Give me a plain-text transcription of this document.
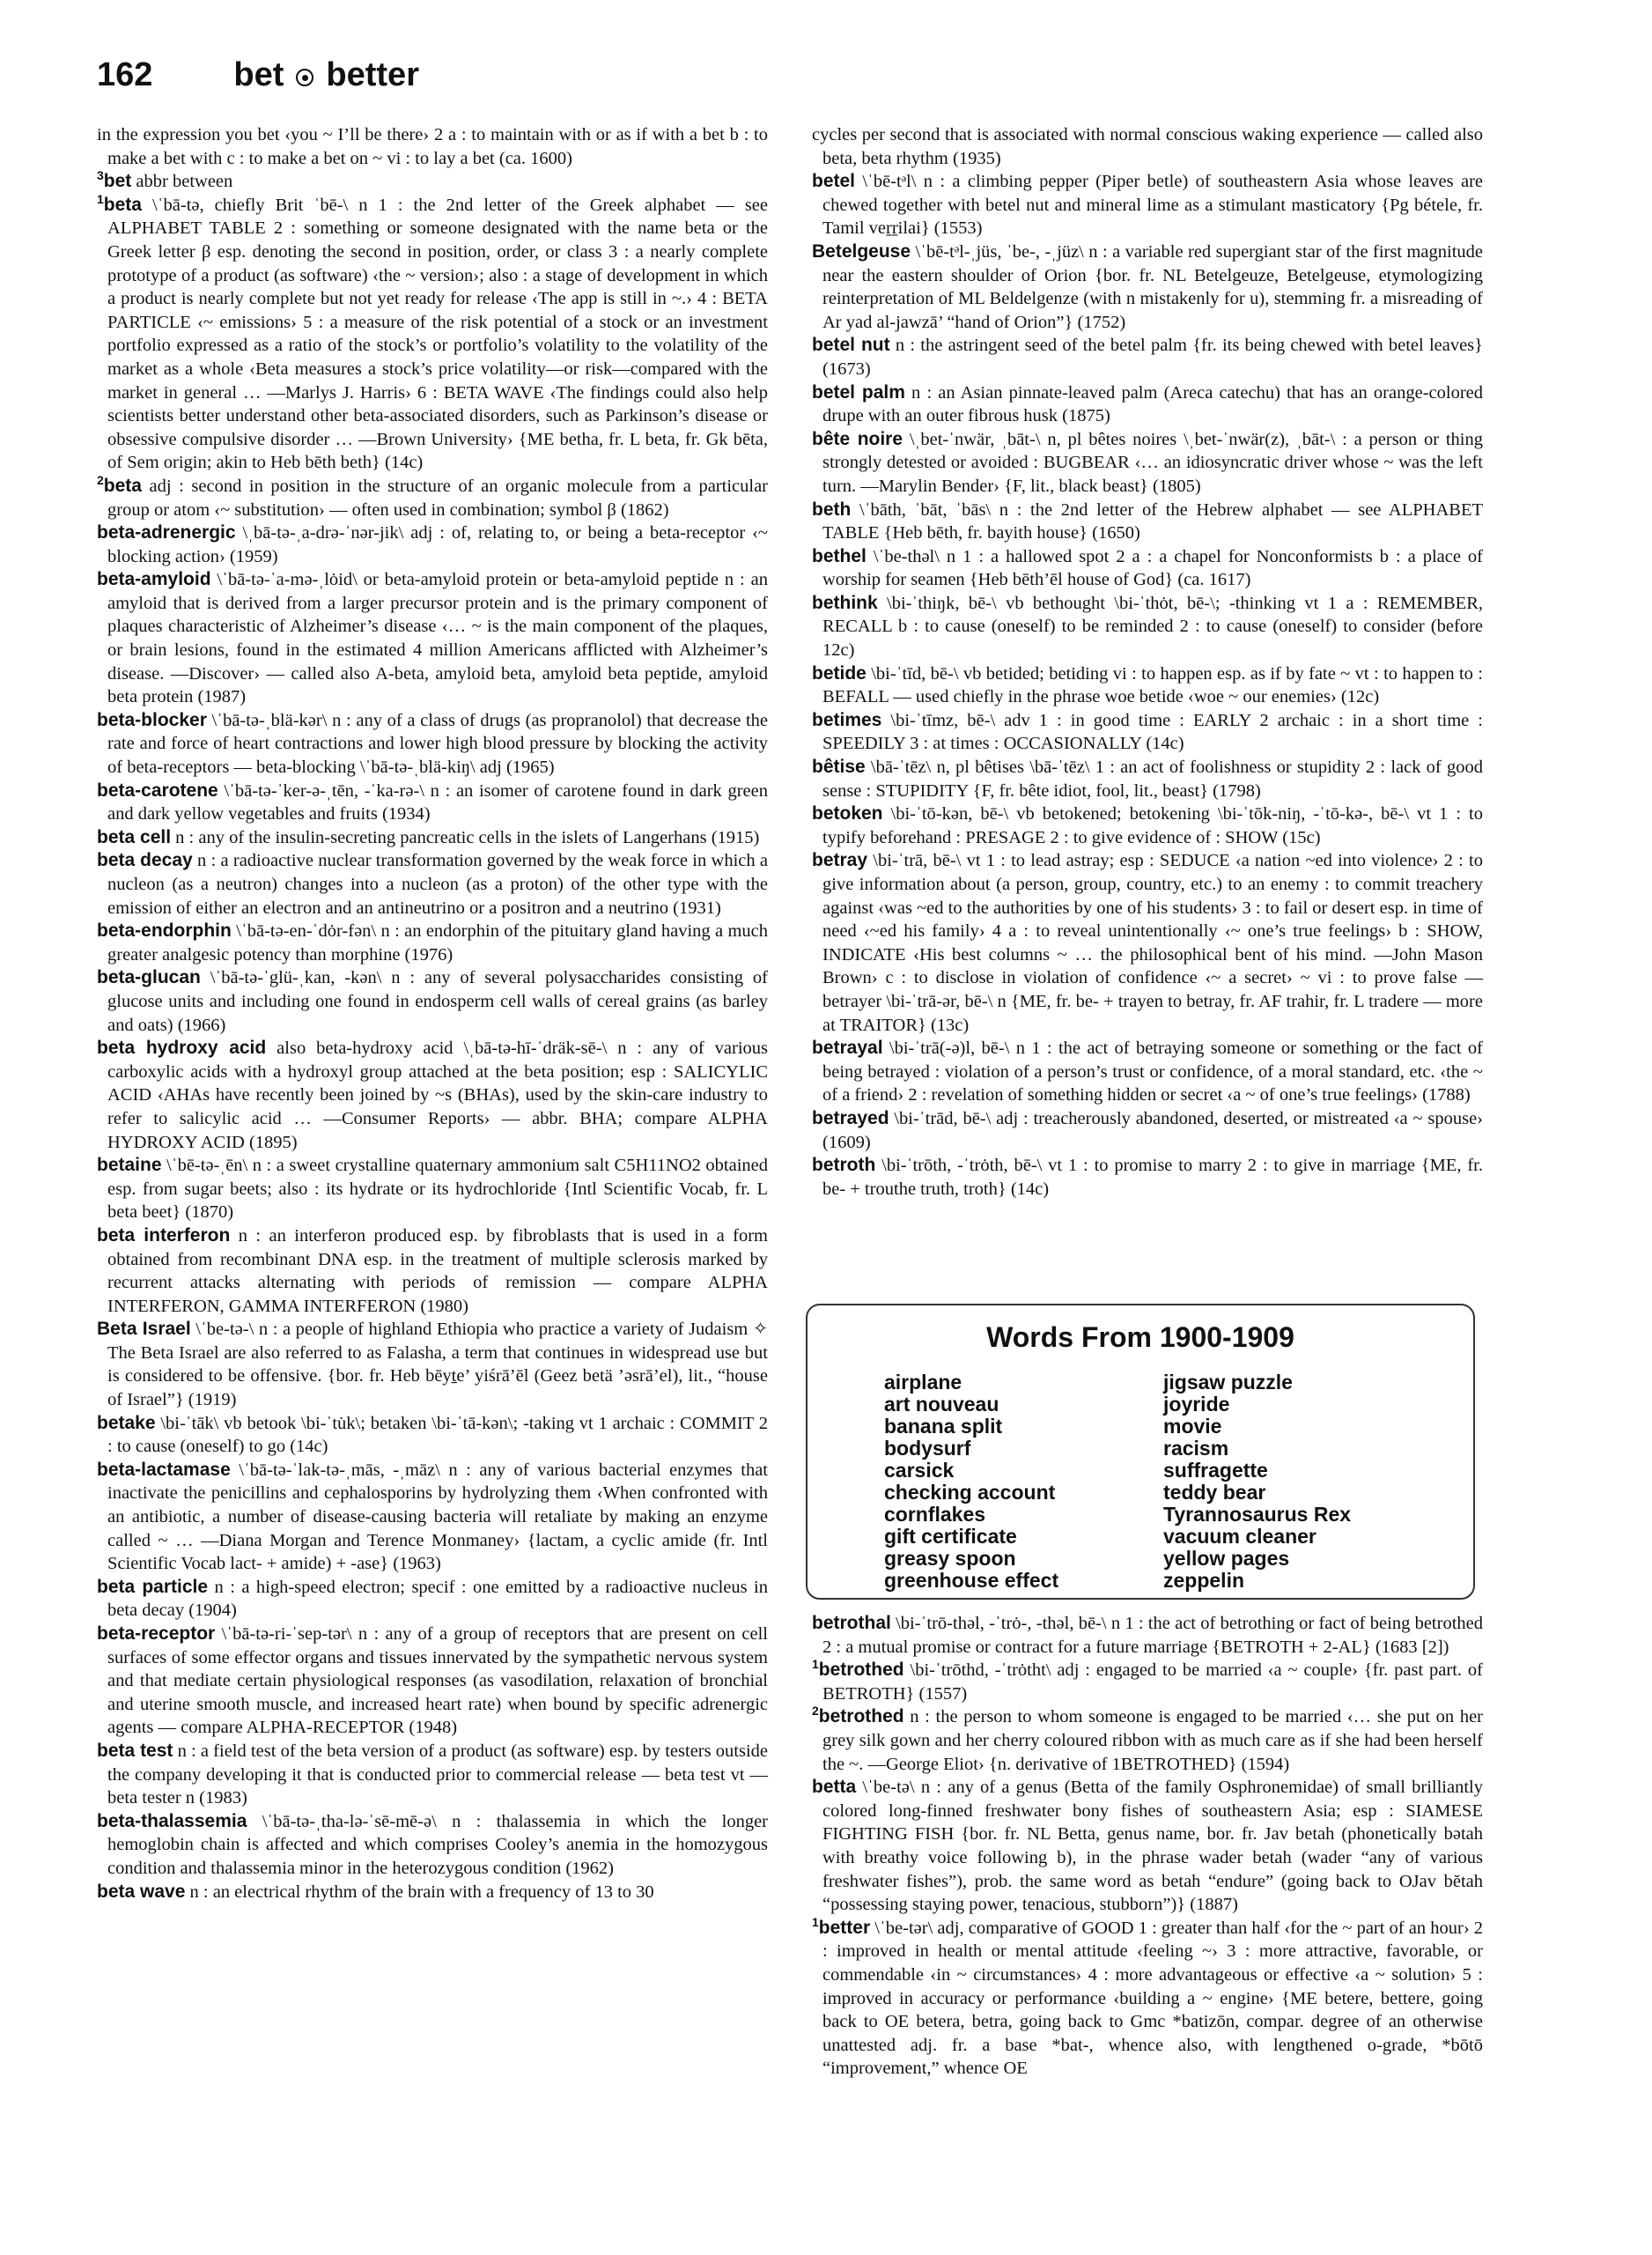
162 bet better

in the expression you bet ‹you ~ I’ll be there› 2 a : to maintain with or as if with a bet b : to make a bet with c : to make a bet on ~ vi : to lay a bet (ca. 1600)

$^3$bet abbr between

$^1$beta \ˈbā-tə, chiefly Brit ˈbē-\ n 1 : the 2nd letter of the Greek alphabet — see ALPHABET TABLE 2 : something or someone designated with the name beta or the Greek letter β esp. denoting the second in position, order, or class 3 : a nearly complete prototype of a product (as software) ‹the ~ version›; also : a stage of development in which a product is nearly complete but not yet ready for release ‹The app is still in ~.› 4 : BETA PARTICLE ‹~ emissions› 5 : a measure of the risk potential of a stock or an investment portfolio expressed as a ratio of the stock’s or portfolio’s volatility to the volatility of the market as a whole ‹Beta measures a stock’s price volatility—or risk—compared with the market in general … —Marlys J. Harris› 6 : BETA WAVE ‹The findings could also help scientists better understand other beta-associated disorders, such as Parkinson’s disease or obsessive compulsive disorder … —Brown University› {ME betha, fr. L beta, fr. Gk bēta, of Sem origin; akin to Heb bēth beth} (14c)

$^2$beta adj : second in position in the structure of an organic molecule from a particular group or atom ‹~ substitution› — often used in combination; symbol β (1862)

beta-adrenergic \ˌbā-tə-ˌa-drə-ˈnər-jik\ adj : of, relating to, or being a beta-receptor ‹~ blocking action› (1959)

beta-amyloid \ˈbā-tə-ˈa-mə-ˌlȯid\ or beta-amyloid protein or beta-amyloid peptide n : an amyloid that is derived from a larger precursor protein and is the primary component of plaques characteristic of Alzheimer’s disease ‹… ~ is the main component of the plaques, or brain lesions, found in the estimated 4 million Americans afflicted with Alzheimer’s disease. —Discover› — called also A-beta, amyloid beta, amyloid beta peptide, amyloid beta protein (1987)

beta-blocker \ˈbā-tə-ˌblä-kər\ n : any of a class of drugs (as propranolol) that decrease the rate and force of heart contractions and lower high blood pressure by blocking the activity of beta-receptors — beta-blocking \ˈbā-tə-ˌblä-kiŋ\ adj (1965)

beta-carotene \ˈbā-tə-ˈker-ə-ˌtēn, -ˈka-rə-\ n : an isomer of carotene found in dark green and dark yellow vegetables and fruits (1934)

beta cell n : any of the insulin-secreting pancreatic cells in the islets of Langerhans (1915)

beta decay n : a radioactive nuclear transformation governed by the weak force in which a nucleon (as a neutron) changes into a nucleon (as a proton) of the other type with the emission of either an electron and an antineutrino or a positron and a neutrino (1931)

beta-endorphin \ˈbā-tə-en-ˈdȯr-fən\ n : an endorphin of the pituitary gland having a much greater analgesic potency than morphine (1976)

beta-glucan \ˈbā-tə-ˈglü-ˌkan, -kən\ n : any of several polysaccharides consisting of glucose units and including one found in endosperm cell walls of cereal grains (as barley and oats) (1966)

beta hydroxy acid also beta-hydroxy acid \ˌbā-tə-hī-ˈdräk-sē-\ n : any of various carboxylic acids with a hydroxyl group attached at the beta position; esp : SALICYLIC ACID ‹AHAs have recently been joined by ~s (BHAs), used by the skin-care industry to refer to salicylic acid … —Consumer Reports› — abbr. BHA; compare ALPHA HYDROXY ACID (1895)

betaine \ˈbē-tə-ˌēn\ n : a sweet crystalline quaternary ammonium salt C5H11NO2 obtained esp. from sugar beets; also : its hydrate or its hydrochloride {Intl Scientific Vocab, fr. L beta beet} (1870)

beta interferon n : an interferon produced esp. by fibroblasts that is used in a form obtained from recombinant DNA esp. in the treatment of multiple sclerosis marked by recurrent attacks alternating with periods of remission — compare ALPHA INTERFERON, GAMMA INTERFERON (1980)

Beta Israel \ˈbe-tə-\ n : a people of highland Ethiopia who practice a variety of Judaism ✧ The Beta Israel are also referred to as Falasha, a term that continues in widespread use but is considered to be offensive. {bor. fr. Heb bēyṯe’ yiśrā’ēl (Geez betä ’əsrā’el), lit., “house of Israel”} (1919)

betake \bi-ˈtāk\ vb betook \bi-ˈtu̇k\; betaken \bi-ˈtā-kən\; -taking vt 1 archaic : COMMIT 2 : to cause (oneself) to go (14c)

beta-lactamase \ˈbā-tə-ˈlak-tə-ˌmās, -ˌmāz\ n : any of various bacterial enzymes that inactivate the penicillins and cephalosporins by hydrolyzing them ‹When confronted with an antibiotic, a number of disease-causing bacteria will retaliate by making an enzyme called ~ … —Diana Morgan and Terence Monmaney› {lactam, a cyclic amide (fr. Intl Scientific Vocab lact- + amide) + -ase} (1963)

beta particle n : a high-speed electron; specif : one emitted by a radioactive nucleus in beta decay (1904)

beta-receptor \ˈbā-tə-ri-ˈsep-tər\ n : any of a group of receptors that are present on cell surfaces of some effector organs and tissues innervated by the sympathetic nervous system and that mediate certain physiological responses (as vasodilation, relaxation of bronchial and uterine smooth muscle, and increased heart rate) when bound by specific adrenergic agents — compare ALPHA-RECEPTOR (1948)

beta test n : a field test of the beta version of a product (as software) esp. by testers outside the company developing it that is conducted prior to commercial release — beta test vt — beta tester n (1983)

beta-thalassemia \ˈbā-tə-ˌtha-lə-ˈsē-mē-ə\ n : thalassemia in which the longer hemoglobin chain is affected and which comprises Cooley’s anemia in the homozygous condition and thalassemia minor in the heterozygous condition (1962)

beta wave n : an electrical rhythm of the brain with a frequency of 13 to 30

cycles per second that is associated with normal conscious waking experience — called also beta, beta rhythm (1935)

betel \ˈbē-tᵊl\ n : a climbing pepper (Piper betle) of southeastern Asia whose leaves are chewed together with betel nut and mineral lime as a stimulant masticatory {Pg bétele, fr. Tamil veṟṟilai} (1553)

Betelgeuse \ˈbē-tᵊl-ˌjüs, ˈbe-, -ˌjüz\ n : a variable red supergiant star of the first magnitude near the eastern shoulder of Orion {bor. fr. NL Betelgeuze, Betelgeuse, etymologizing reinterpretation of ML Beldelgenze (with n mistakenly for u), stemming fr. a misreading of Ar yad al-jawzā’ “hand of Orion”} (1752)

betel nut n : the astringent seed of the betel palm {fr. its being chewed with betel leaves} (1673)

betel palm n : an Asian pinnate-leaved palm (Areca catechu) that has an orange-colored drupe with an outer fibrous husk (1875)

bête noire \ˌbet-ˈnwär, ˌbāt-\ n, pl bêtes noires \ˌbet-ˈnwär(z), ˌbāt-\ : a person or thing strongly detested or avoided : BUGBEAR ‹… an idiosyncratic driver whose ~ was the left turn. —Marylin Bender› {F, lit., black beast} (1805)

beth \ˈbāth, ˈbāt, ˈbās\ n : the 2nd letter of the Hebrew alphabet — see ALPHABET TABLE {Heb bēth, fr. bayith house} (1650)

bethel \ˈbe-thəl\ n 1 : a hallowed spot 2 a : a chapel for Nonconformists b : a place of worship for seamen {Heb bēth’ēl house of God} (ca. 1617)

bethink \bi-ˈthiŋk, bē-\ vb bethought \bi-ˈthȯt, bē-\; -thinking vt 1 a : REMEMBER, RECALL b : to cause (oneself) to be reminded 2 : to cause (oneself) to consider (before 12c)

betide \bi-ˈtīd, bē-\ vb betided; betiding vi : to happen esp. as if by fate ~ vt : to happen to : BEFALL — used chiefly in the phrase woe betide ‹woe ~ our enemies› (12c)

betimes \bi-ˈtīmz, bē-\ adv 1 : in good time : EARLY 2 archaic : in a short time : SPEEDILY 3 : at times : OCCASIONALLY (14c)

bêtise \bā-ˈtēz\ n, pl bêtises \bā-ˈtēz\ 1 : an act of foolishness or stupidity 2 : lack of good sense : STUPIDITY {F, fr. bête idiot, fool, lit., beast} (1798)

betoken \bi-ˈtō-kən, bē-\ vb betokened; betokening \bi-ˈtōk-niŋ, -ˈtō-kə-, bē-\ vt 1 : to typify beforehand : PRESAGE 2 : to give evidence of : SHOW (15c)

betray \bi-ˈtrā, bē-\ vt 1 : to lead astray; esp : SEDUCE ‹a nation ~ed into violence› 2 : to give information about (a person, group, country, etc.) to an enemy : to commit treachery against ‹was ~ed to the authorities by one of his students› 3 : to fail or desert esp. in time of need ‹~ed his family› 4 a : to reveal unintentionally ‹~ one’s true feelings› b : SHOW, INDICATE ‹His best columns ~ … the philosophical bent of his mind. —John Mason Brown› c : to disclose in violation of confidence ‹~ a secret› ~ vi : to prove false — betrayer \bi-ˈtrā-ər, bē-\ n {ME, fr. be- + trayen to betray, fr. AF trahir, fr. L tradere — more at TRAITOR} (13c)

betrayal \bi-ˈtrā(-ə)l, bē-\ n 1 : the act of betraying someone or something or the fact of being betrayed : violation of a person’s trust or confidence, of a moral standard, etc. ‹the ~ of a friend› 2 : revelation of something hidden or secret ‹a ~ of one’s true feelings› (1788)

betrayed \bi-ˈtrād, bē-\ adj : treacherously abandoned, deserted, or mistreated ‹a ~ spouse› (1609)

betroth \bi-ˈtrōth, -ˈtrȯth, bē-\ vt 1 : to promise to marry 2 : to give in marriage {ME, fr. be- + trouthe truth, troth} (14c)

Words From 1900-1909
airplane
art nouveau
banana split
bodysurf
carsick
checking account
cornflakes
gift certificate
greasy spoon
greenhouse effect
jigsaw puzzle
joyride
movie
racism
suffragette
teddy bear
Tyrannosaurus Rex
vacuum cleaner
yellow pages
zeppelin

betrothal \bi-ˈtrō-thəl, -ˈtrȯ-, -thəl, bē-\ n 1 : the act of betrothing or fact of being betrothed 2 : a mutual promise or contract for a future marriage {BETROTH + 2-AL} (1683 [2])

$^1$betrothed \bi-ˈtrōthd, -ˈtrȯtht\ adj : engaged to be married ‹a ~ couple› {fr. past part. of BETROTH} (1557)

$^2$betrothed n : the person to whom someone is engaged to be married ‹… she put on her grey silk gown and her cherry coloured ribbon with as much care as if she had been herself the ~. —George Eliot› {n. derivative of 1BETROTHED} (1594)

betta \ˈbe-tə\ n : any of a genus (Betta of the family Osphronemidae) of small brilliantly colored long-finned freshwater bony fishes of southeastern Asia; esp : SIAMESE FIGHTING FISH {bor. fr. NL Betta, genus name, bor. fr. Jav betah (phonetically bətah with breathy voice following b), in the phrase wader betah (wader “any of various freshwater fishes”), prob. the same word as betah “endure” (going back to OJav bĕtah “possessing staying power, tenacious, stubborn”)} (1887)

$^1$better \ˈbe-tər\ adj, comparative of GOOD 1 : greater than half ‹for the ~ part of an hour› 2 : improved in health or mental attitude ‹feeling ~› 3 : more attractive, favorable, or commendable ‹in ~ circumstances› 4 : more advantageous or effective ‹a ~ solution› 5 : improved in accuracy or performance ‹building a ~ engine› {ME betere, bettere, going back to OE betera, betra, going back to Gmc *batizōn, compar. degree of an otherwise unattested adj. fr. a base *bat-, whence also, with lengthened o-grade, *bōtō “improvement,” whence OE
